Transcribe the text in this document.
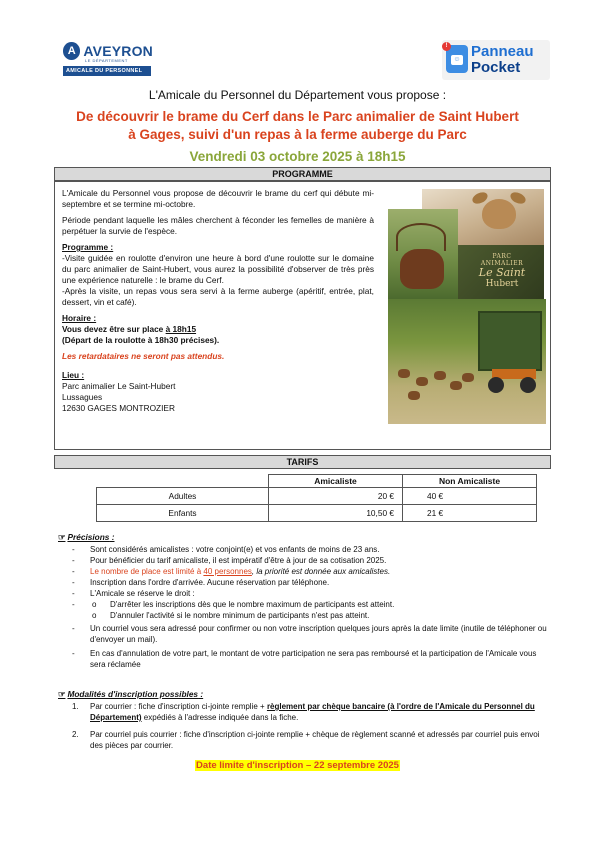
A AVEYRON
LE DÉPARTEMENT
AMICALE DU PERSONNEL
☺
! Panneau
Pocket
L'Amicale du Personnel du Département vous propose :
De découvrir le brame du Cerf dans le Parc animalier de Saint Hubert
à Gages, suivi d'un repas à la ferme auberge du Parc
Vendredi 03 octobre 2025 à 18h15
PROGRAMME

L'Amicale du Personnel vous propose de découvrir le brame du cerf qui débute mi-septembre et se termine mi-octobre.

Période pendant laquelle les mâles cherchent à féconder les femelles de manière à perpétuer la survie de l'espèce.

Programme :

-Visite guidée en roulotte d'environ une heure à bord d'une roulotte sur le domaine du parc animalier de Saint-Hubert, vous aurez la possibilité d'observer de très près une expérience naturelle : le brame du Cerf.

-Après la visite, un repas vous sera servi à la ferme auberge (apéritif, entrée, plat, dessert, vin et café).

Horaire :

Vous devez être sur place à 18h15

(Départ de la roulotte à 18h30 précises).

Les retardataires ne seront pas attendus.

Lieu :

Parc animalier Le Saint-Hubert

Lussagues

12630 GAGES MONTROZIER

PARC ANIMALIER
Le Saint
Hubert
TARIFS
	Amicaliste	Non Amicaliste
Adultes	20 €	40 €
Enfants	10,50 €	21 €
☞ Précisions :
- Sont considérés amicalistes : votre conjoint(e) et vos enfants de moins de 23 ans.
- Pour bénéficier du tarif amicaliste, il est impératif d'être à jour de sa cotisation 2025.
- Le nombre de place est limité à 40 personnes, la priorité est donnée aux amicalistes.
- Inscription dans l'ordre d'arrivée. Aucune réservation par téléphone.
- L'Amicale se réserve le droit :
o - D'arrêter les inscriptions dès que le nombre maximum de participants est atteint.
o D'annuler l'activité si le nombre minimum de participants n'est pas atteint.
- Un courriel vous sera adressé pour confirmer ou non votre inscription quelques jours après la date limite (inutile de téléphoner ou d'envoyer un mail).
- En cas d'annulation de votre part, le montant de votre participation ne sera pas remboursé et la participation de l'Amicale vous sera réclamée
☞ Modalités d'inscription possibles :
1. Par courrier : fiche d'inscription ci-jointe remplie + règlement par chèque bancaire (à l'ordre de l'Amicale du Personnel du Département) expédiés à l'adresse indiquée dans la fiche.
2. Par courriel puis courrier : fiche d'inscription ci-jointe remplie + chèque de règlement scanné et adressés par courriel puis envoi des pièces par courrier.
Date limite d'inscription – 22 septembre 2025
